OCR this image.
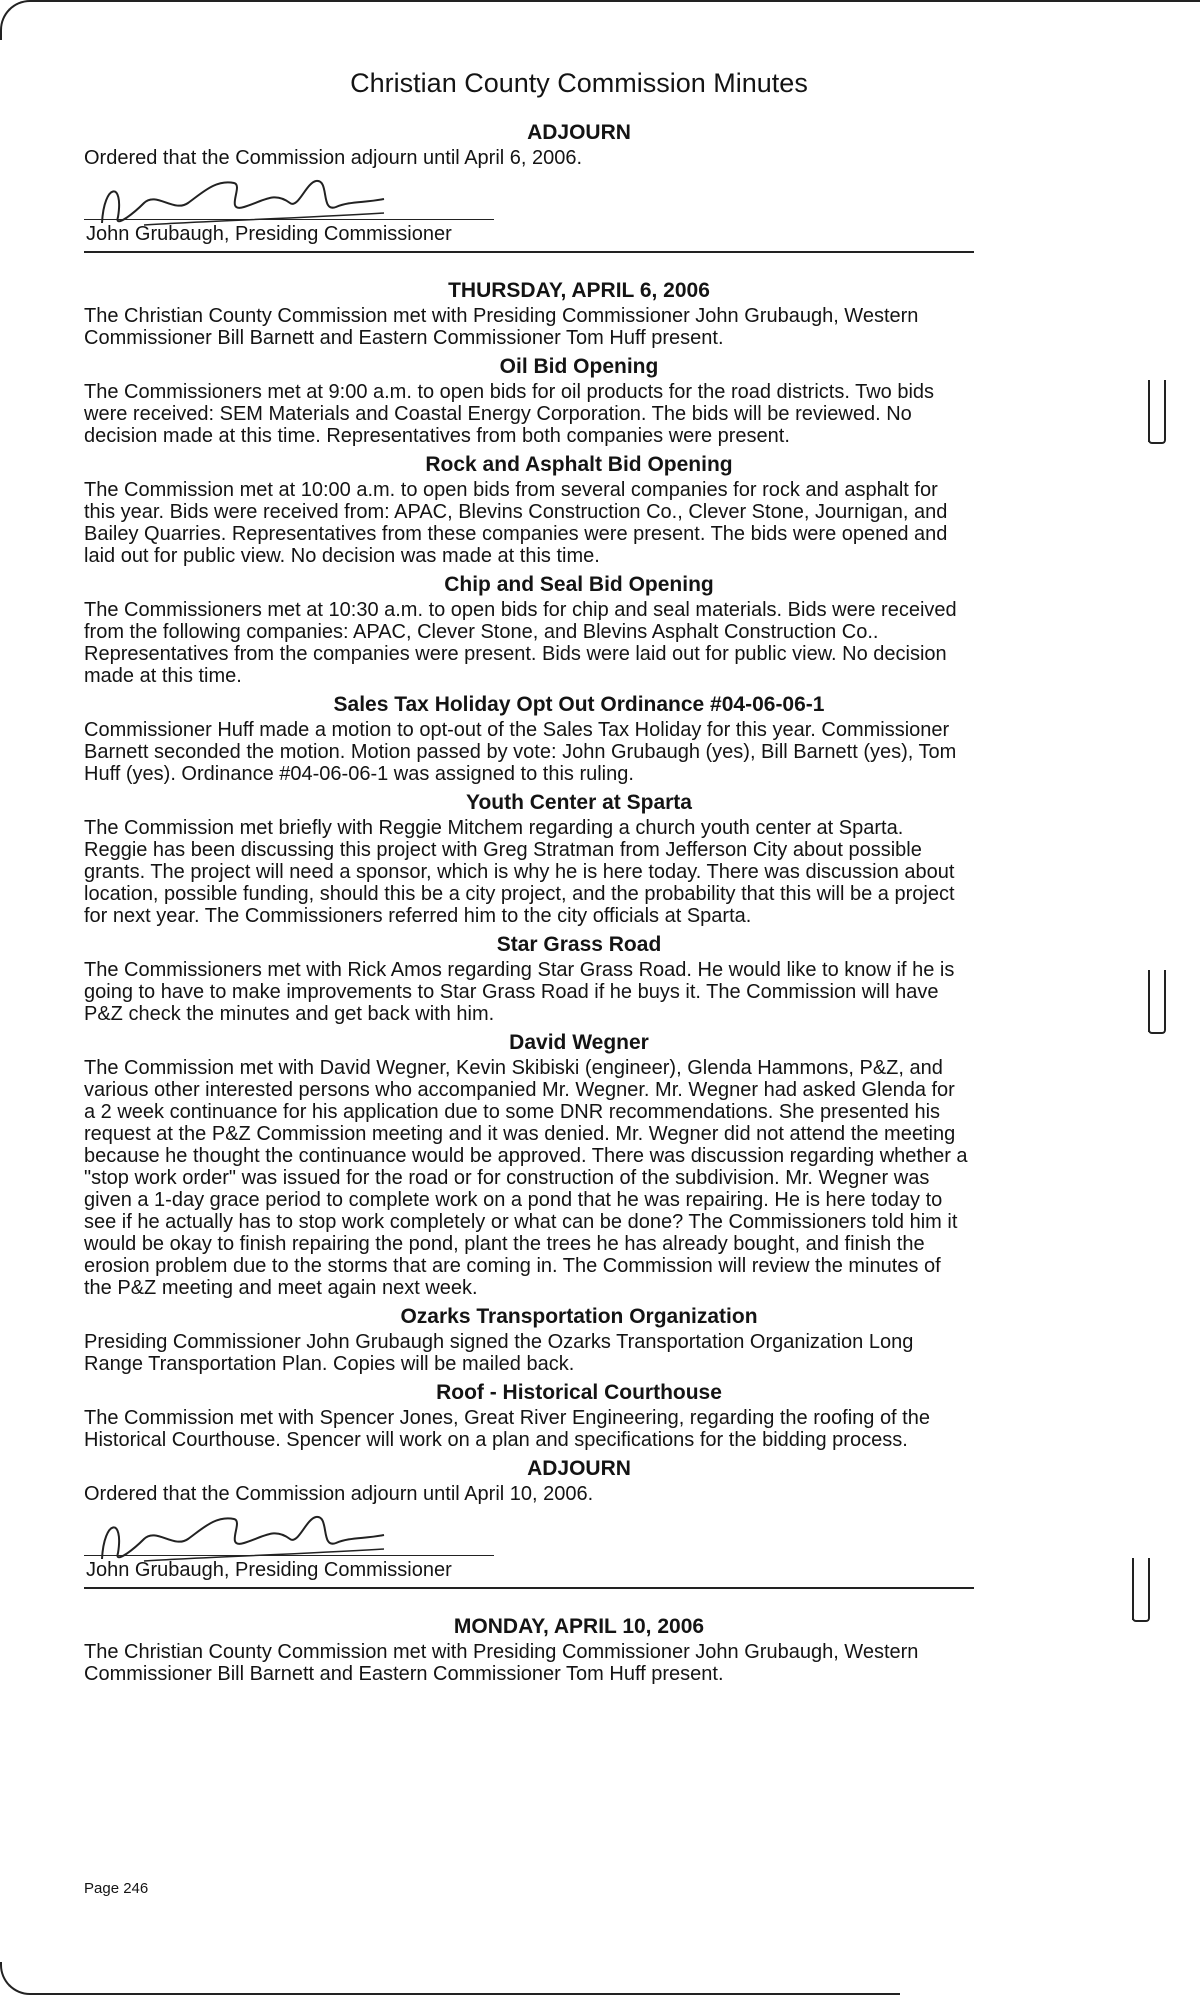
Christian County Commission Minutes
ADJOURN
Ordered that the Commission adjourn until April 6, 2006.
John Grubaugh, Presiding Commissioner
THURSDAY, APRIL 6, 2006
The Christian County Commission met with Presiding Commissioner John Grubaugh, Western
Commissioner Bill Barnett and Eastern Commissioner Tom Huff present.
Oil Bid Opening
The Commissioners met at 9:00 a.m. to open bids for oil products for the road districts. Two bids
were received: SEM Materials and Coastal Energy Corporation. The bids will be reviewed. No
decision made at this time. Representatives from both companies were present.
Rock and Asphalt Bid Opening
The Commission met at 10:00 a.m. to open bids from several companies for rock and asphalt for
this year. Bids were received from: APAC, Blevins Construction Co., Clever Stone, Journigan, and
Bailey Quarries. Representatives from these companies were present. The bids were opened and
laid out for public view. No decision was made at this time.
Chip and Seal Bid Opening
The Commissioners met at 10:30 a.m. to open bids for chip and seal materials. Bids were received
from the following companies: APAC, Clever Stone, and Blevins Asphalt Construction Co..
Representatives from the companies were present. Bids were laid out for public view. No decision
made at this time.
Sales Tax Holiday Opt Out Ordinance #04-06-06-1
Commissioner Huff made a motion to opt-out of the Sales Tax Holiday for this year. Commissioner
Barnett seconded the motion. Motion passed by vote: John Grubaugh (yes), Bill Barnett (yes), Tom
Huff (yes). Ordinance #04-06-06-1 was assigned to this ruling.
Youth Center at Sparta
The Commission met briefly with Reggie Mitchem regarding a church youth center at Sparta.
Reggie has been discussing this project with Greg Stratman from Jefferson City about possible
grants. The project will need a sponsor, which is why he is here today. There was discussion about
location, possible funding, should this be a city project, and the probability that this will be a project
for next year. The Commissioners referred him to the city officials at Sparta.
Star Grass Road
The Commissioners met with Rick Amos regarding Star Grass Road. He would like to know if he is
going to have to make improvements to Star Grass Road if he buys it. The Commission will have
P&Z check the minutes and get back with him.
David Wegner
The Commission met with David Wegner, Kevin Skibiski (engineer), Glenda Hammons, P&Z, and
various other interested persons who accompanied Mr. Wegner. Mr. Wegner had asked Glenda for
a 2 week continuance for his application due to some DNR recommendations. She presented his
request at the P&Z Commission meeting and it was denied. Mr. Wegner did not attend the meeting
because he thought the continuance would be approved. There was discussion regarding whether a
"stop work order" was issued for the road or for construction of the subdivision. Mr. Wegner was
given a 1-day grace period to complete work on a pond that he was repairing. He is here today to
see if he actually has to stop work completely or what can be done? The Commissioners told him it
would be okay to finish repairing the pond, plant the trees he has already bought, and finish the
erosion problem due to the storms that are coming in. The Commission will review the minutes of
the P&Z meeting and meet again next week.
Ozarks Transportation Organization
Presiding Commissioner John Grubaugh signed the Ozarks Transportation Organization Long
Range Transportation Plan. Copies will be mailed back.
Roof - Historical Courthouse
The Commission met with Spencer Jones, Great River Engineering, regarding the roofing of the
Historical Courthouse. Spencer will work on a plan and specifications for the bidding process.
ADJOURN
Ordered that the Commission adjourn until April 10, 2006.
John Grubaugh, Presiding Commissioner
MONDAY, APRIL 10, 2006
The Christian County Commission met with Presiding Commissioner John Grubaugh, Western
Commissioner Bill Barnett and Eastern Commissioner Tom Huff present.
Page 246
